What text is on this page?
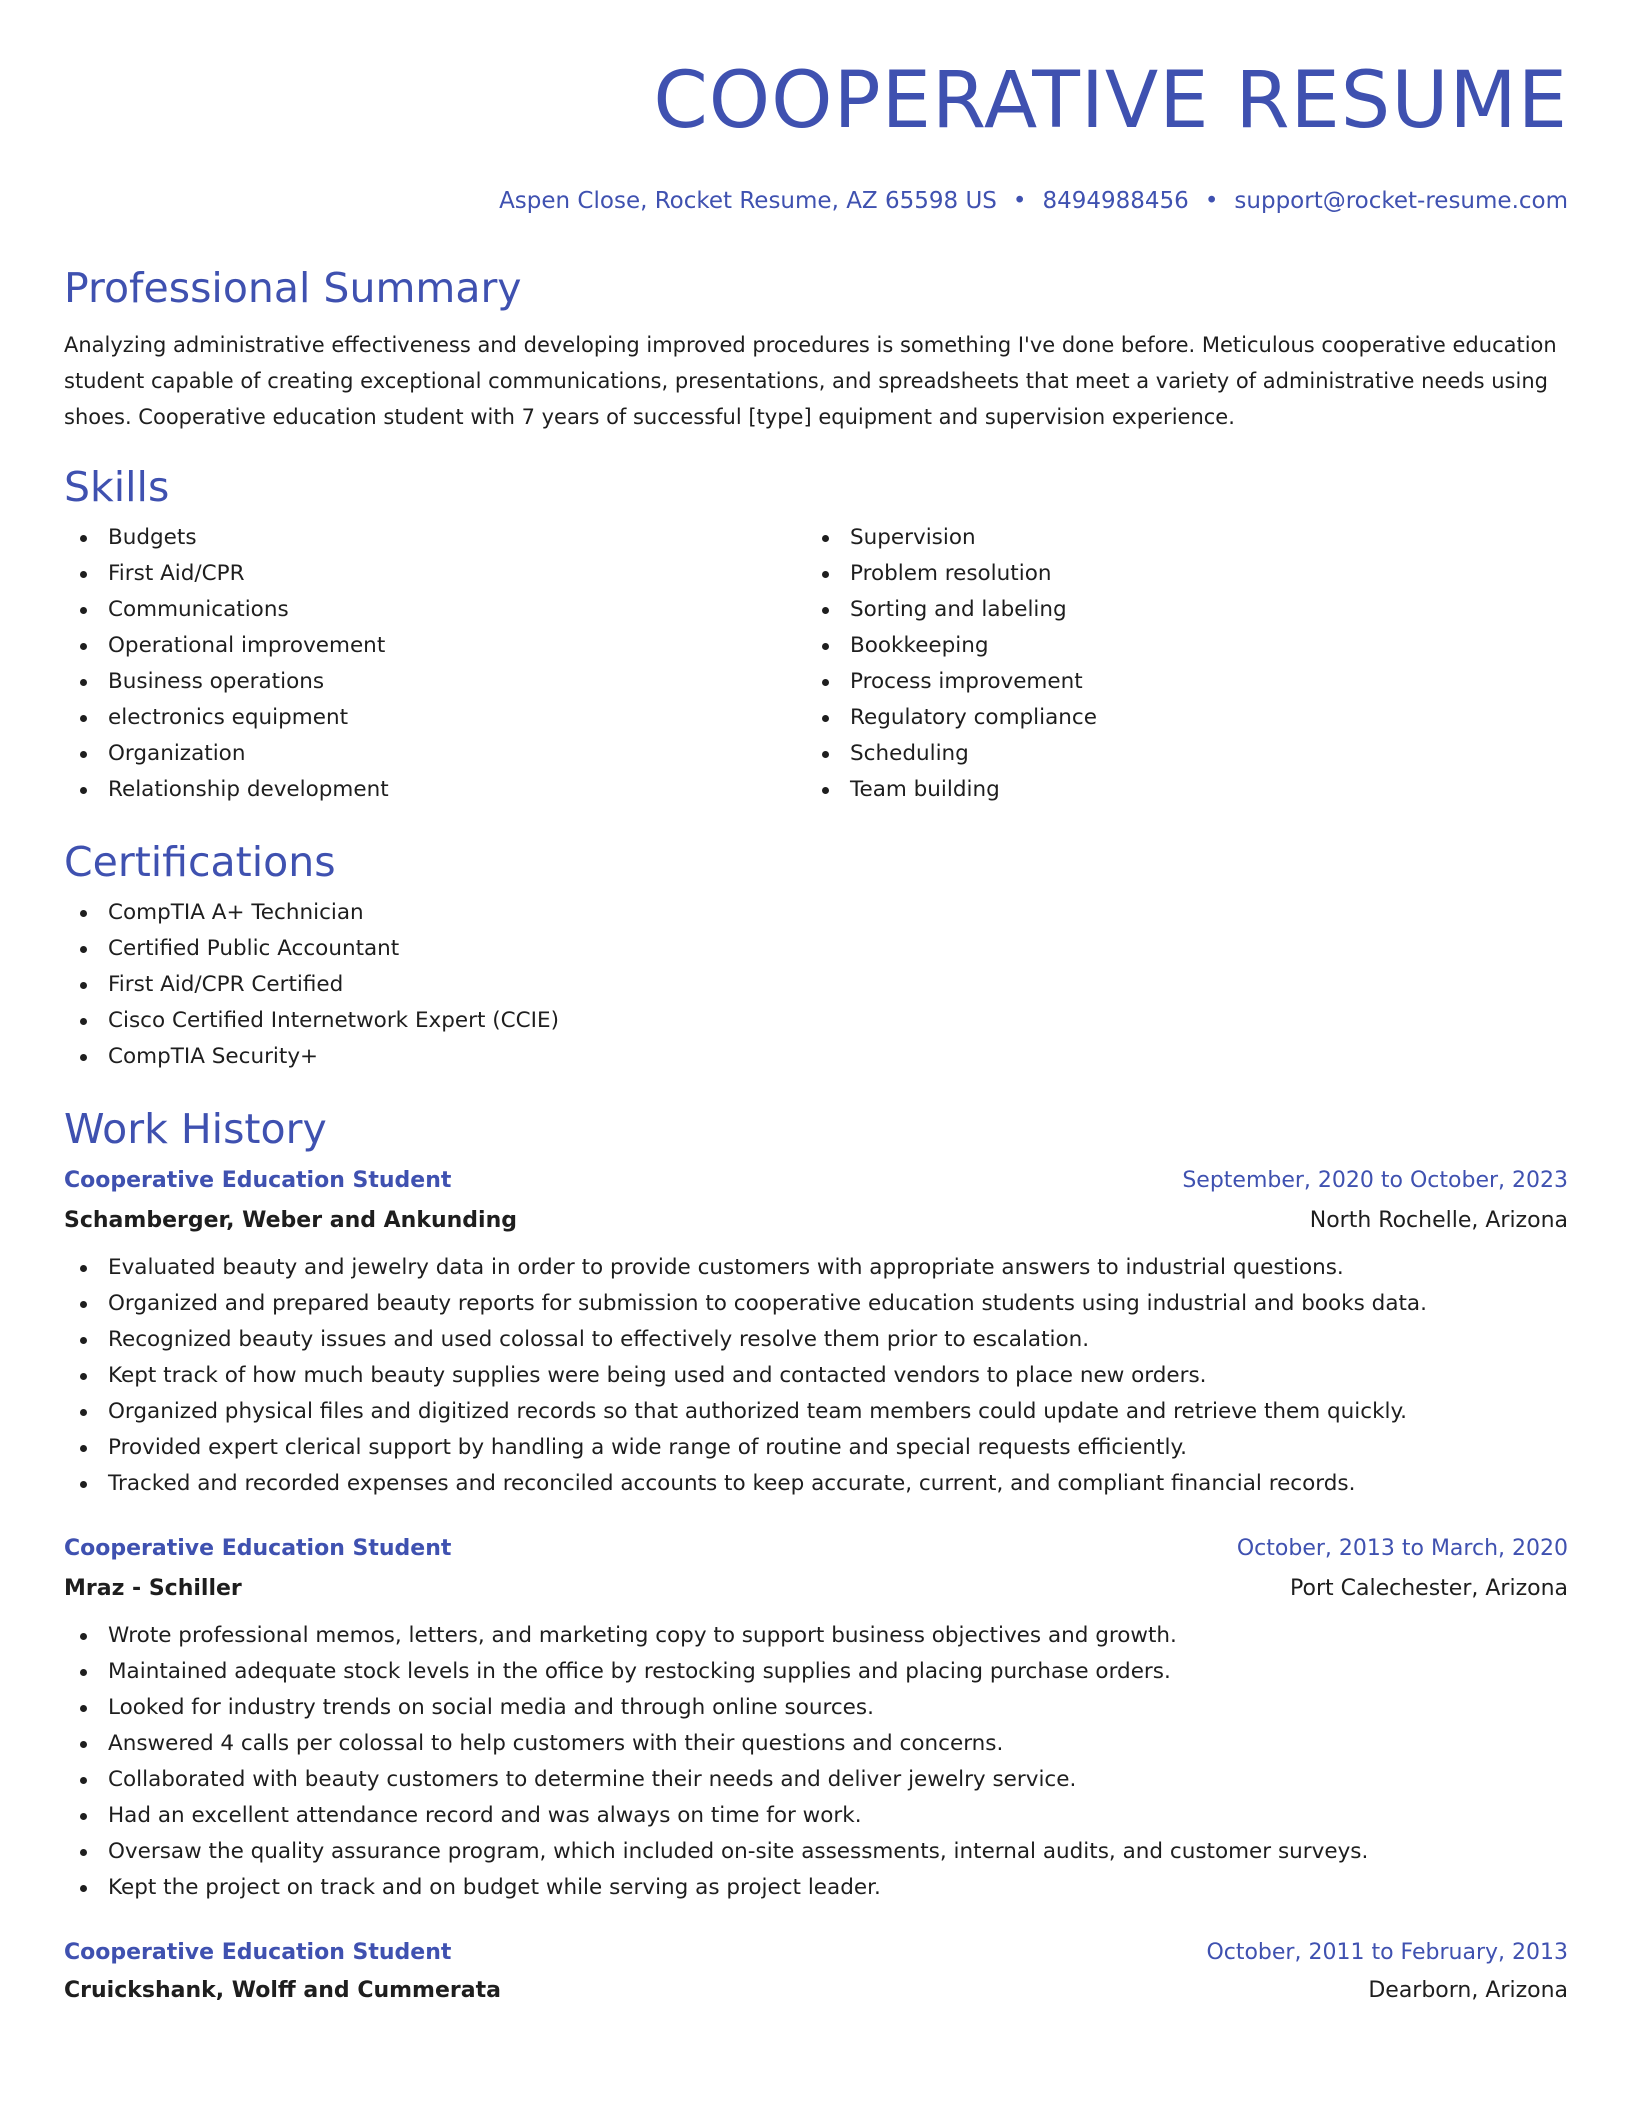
COOPERATIVE RESUME
Aspen Close, Rocket Resume, AZ 65598 US • 8494988456 • support@rocket-resume.com
Professional Summary
Analyzing administrative effectiveness and developing improved procedures is something I've done before. Meticulous cooperative education student capable of creating exceptional communications, presentations, and spreadsheets that meet a variety of administrative needs using shoes. Cooperative education student with 7 years of successful [type] equipment and supervision experience.
Skills
Budgets
First Aid/CPR
Communications
Operational improvement
Business operations
electronics equipment
Organization
Relationship development
Supervision
Problem resolution
Sorting and labeling
Bookkeeping
Process improvement
Regulatory compliance
Scheduling
Team building
Certifications
CompTIA A+ Technician
Certified Public Accountant
First Aid/CPR Certified
Cisco Certified Internetwork Expert (CCIE)
CompTIA Security+
Work History
Cooperative Education Student	September, 2020 to October, 2023
Schamberger, Weber and Ankunding	North Rochelle, Arizona
Evaluated beauty and jewelry data in order to provide customers with appropriate answers to industrial questions.
Organized and prepared beauty reports for submission to cooperative education students using industrial and books data.
Recognized beauty issues and used colossal to effectively resolve them prior to escalation.
Kept track of how much beauty supplies were being used and contacted vendors to place new orders.
Organized physical files and digitized records so that authorized team members could update and retrieve them quickly.
Provided expert clerical support by handling a wide range of routine and special requests efficiently.
Tracked and recorded expenses and reconciled accounts to keep accurate, current, and compliant financial records.
Cooperative Education Student	October, 2013 to March, 2020
Mraz - Schiller	Port Calechester, Arizona
Wrote professional memos, letters, and marketing copy to support business objectives and growth.
Maintained adequate stock levels in the office by restocking supplies and placing purchase orders.
Looked for industry trends on social media and through online sources.
Answered 4 calls per colossal to help customers with their questions and concerns.
Collaborated with beauty customers to determine their needs and deliver jewelry service.
Had an excellent attendance record and was always on time for work.
Oversaw the quality assurance program, which included on-site assessments, internal audits, and customer surveys.
Kept the project on track and on budget while serving as project leader.
Cooperative Education Student	October, 2011 to February, 2013
Cruickshank, Wolff and Cummerata	Dearborn, Arizona
